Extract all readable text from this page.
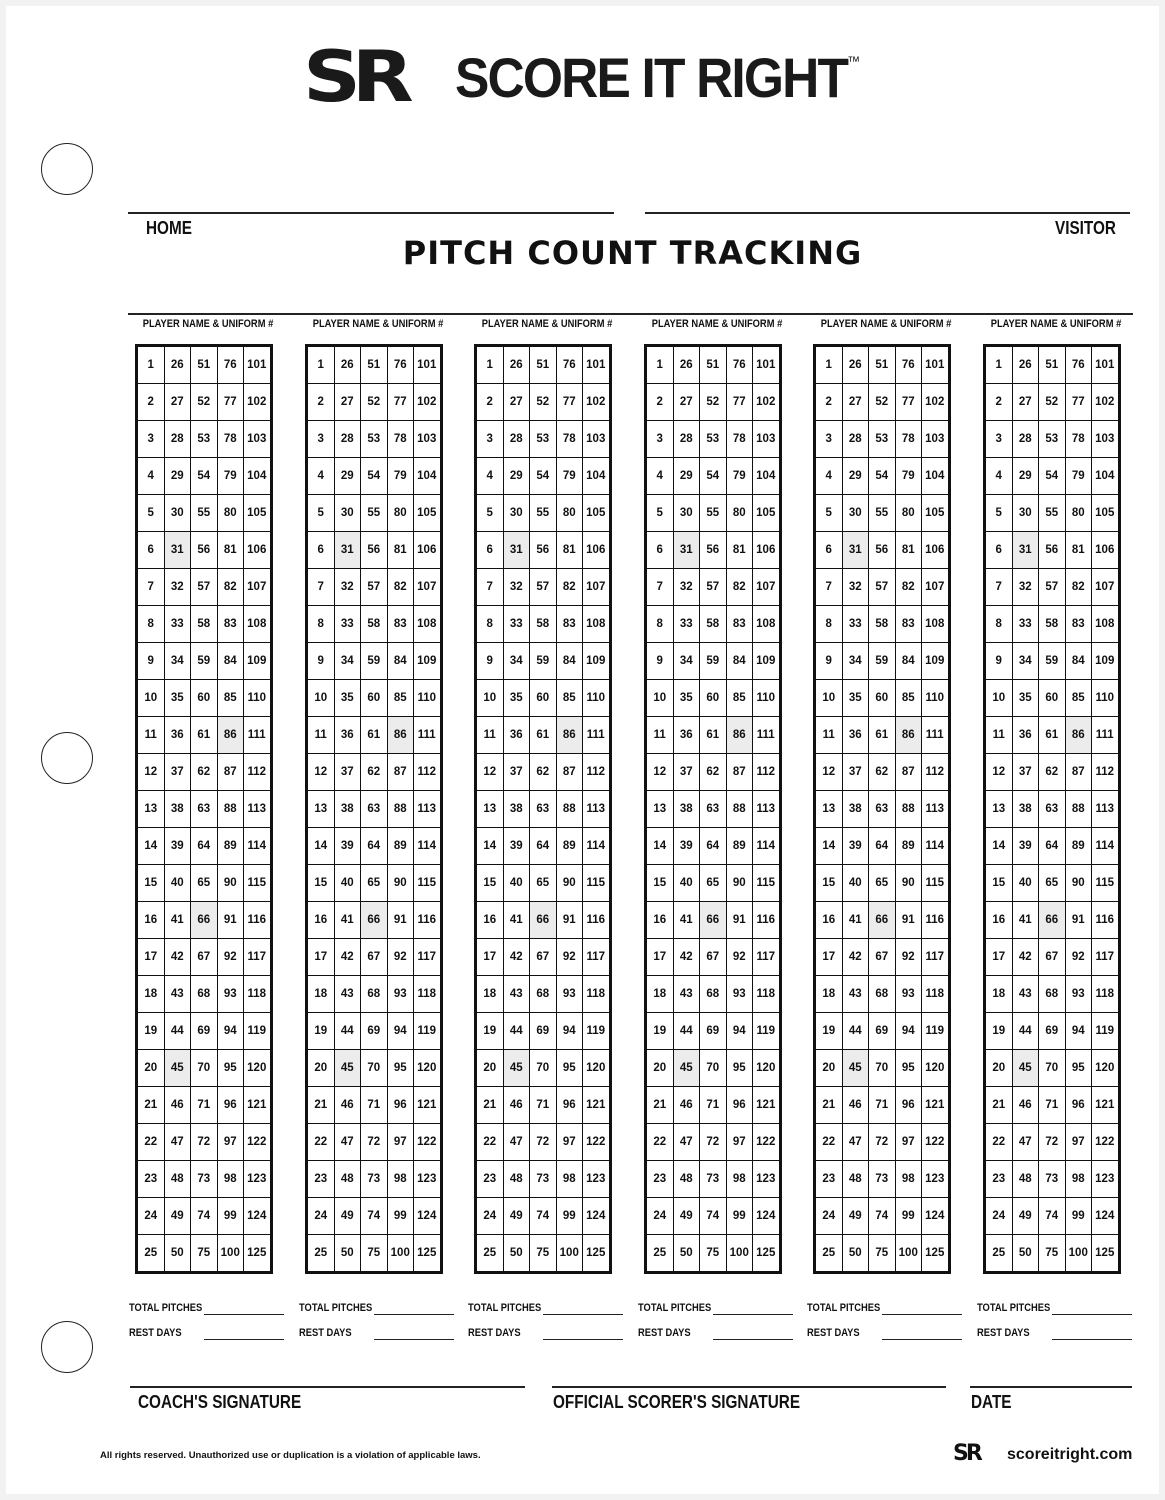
SR SCORE IT RIGHT™
HOME	VISITOR
PITCH COUNT TRACKING
PLAYER NAME & UNIFORM #
1	26	51	76	101
2	27	52	77	102
3	28	53	78	103
4	29	54	79	104
5	30	55	80	105
6	31	56	81	106
7	32	57	82	107
8	33	58	83	108
9	34	59	84	109
10	35	60	85	110
11	36	61	86	111
12	37	62	87	112
13	38	63	88	113
14	39	64	89	114
15	40	65	90	115
16	41	66	91	116
17	42	67	92	117
18	43	68	93	118
19	44	69	94	119
20	45	70	95	120
21	46	71	96	121
22	47	72	97	122
23	48	73	98	123
24	49	74	99	124
25	50	75	100	125
TOTAL PITCHES
REST DAYS
PLAYER NAME & UNIFORM #
1	26	51	76	101
2	27	52	77	102
3	28	53	78	103
4	29	54	79	104
5	30	55	80	105
6	31	56	81	106
7	32	57	82	107
8	33	58	83	108
9	34	59	84	109
10	35	60	85	110
11	36	61	86	111
12	37	62	87	112
13	38	63	88	113
14	39	64	89	114
15	40	65	90	115
16	41	66	91	116
17	42	67	92	117
18	43	68	93	118
19	44	69	94	119
20	45	70	95	120
21	46	71	96	121
22	47	72	97	122
23	48	73	98	123
24	49	74	99	124
25	50	75	100	125
TOTAL PITCHES
REST DAYS
PLAYER NAME & UNIFORM #
1	26	51	76	101
2	27	52	77	102
3	28	53	78	103
4	29	54	79	104
5	30	55	80	105
6	31	56	81	106
7	32	57	82	107
8	33	58	83	108
9	34	59	84	109
10	35	60	85	110
11	36	61	86	111
12	37	62	87	112
13	38	63	88	113
14	39	64	89	114
15	40	65	90	115
16	41	66	91	116
17	42	67	92	117
18	43	68	93	118
19	44	69	94	119
20	45	70	95	120
21	46	71	96	121
22	47	72	97	122
23	48	73	98	123
24	49	74	99	124
25	50	75	100	125
TOTAL PITCHES
REST DAYS
PLAYER NAME & UNIFORM #
1	26	51	76	101
2	27	52	77	102
3	28	53	78	103
4	29	54	79	104
5	30	55	80	105
6	31	56	81	106
7	32	57	82	107
8	33	58	83	108
9	34	59	84	109
10	35	60	85	110
11	36	61	86	111
12	37	62	87	112
13	38	63	88	113
14	39	64	89	114
15	40	65	90	115
16	41	66	91	116
17	42	67	92	117
18	43	68	93	118
19	44	69	94	119
20	45	70	95	120
21	46	71	96	121
22	47	72	97	122
23	48	73	98	123
24	49	74	99	124
25	50	75	100	125
TOTAL PITCHES
REST DAYS
PLAYER NAME & UNIFORM #
1	26	51	76	101
2	27	52	77	102
3	28	53	78	103
4	29	54	79	104
5	30	55	80	105
6	31	56	81	106
7	32	57	82	107
8	33	58	83	108
9	34	59	84	109
10	35	60	85	110
11	36	61	86	111
12	37	62	87	112
13	38	63	88	113
14	39	64	89	114
15	40	65	90	115
16	41	66	91	116
17	42	67	92	117
18	43	68	93	118
19	44	69	94	119
20	45	70	95	120
21	46	71	96	121
22	47	72	97	122
23	48	73	98	123
24	49	74	99	124
25	50	75	100	125
TOTAL PITCHES
REST DAYS
PLAYER NAME & UNIFORM #
1	26	51	76	101
2	27	52	77	102
3	28	53	78	103
4	29	54	79	104
5	30	55	80	105
6	31	56	81	106
7	32	57	82	107
8	33	58	83	108
9	34	59	84	109
10	35	60	85	110
11	36	61	86	111
12	37	62	87	112
13	38	63	88	113
14	39	64	89	114
15	40	65	90	115
16	41	66	91	116
17	42	67	92	117
18	43	68	93	118
19	44	69	94	119
20	45	70	95	120
21	46	71	96	121
22	47	72	97	122
23	48	73	98	123
24	49	74	99	124
25	50	75	100	125
TOTAL PITCHES
REST DAYS
COACH'S SIGNATURE	OFFICIAL SCORER'S SIGNATURE	DATE
All rights reserved. Unauthorized use or duplication is a violation of applicable laws.	SR scoreitright.com
